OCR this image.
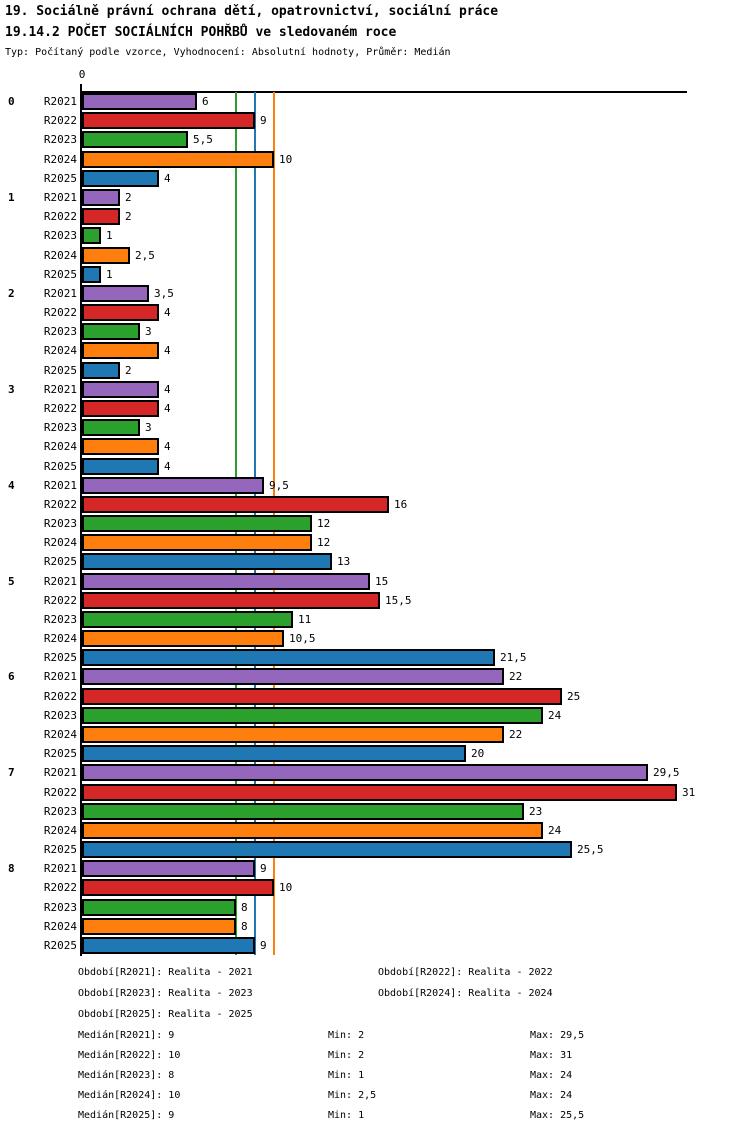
19. Sociálně právní ochrana dětí, opatrovnictví, sociální práce
19.14.2 POČET SOCIÁLNÍCH POHŘBŮ ve sledovaném roce
Typ: Počítaný podle vzorce, Vyhodnocení: Absolutní hodnoty, Průměr: Medián
0
0	R2021	6
R2022	9
R2023	5,5
R2024	10
R2025	4
1	R2021	2
R2022	2
R2023	1
R2024	2,5
R2025	1
2	R2021	3,5
R2022	4
R2023	3
R2024	4
R2025	2
3	R2021	4
R2022	4
R2023	3
R2024	4
R2025	4
4	R2021	9,5
R2022	16
R2023	12
R2024	12
R2025	13
5	R2021	15
R2022	15,5
R2023	11
R2024	10,5
R2025	21,5
6	R2021	22
R2022	25
R2023	24
R2024	22
R2025	20
7	R2021	29,5
R2022	31
R2023	23
R2024	24
R2025	25,5
8	R2021	9
R2022	10
R2023	8
R2024	8
R2025	9
Období[R2021]: Realita - 2021	Období[R2022]: Realita - 2022
Období[R2023]: Realita - 2023	Období[R2024]: Realita - 2024
Období[R2025]: Realita - 2025
Medián[R2021]: 9	Min: 2	Max: 29,5
Medián[R2022]: 10	Min: 2	Max: 31
Medián[R2023]: 8	Min: 1	Max: 24
Medián[R2024]: 10	Min: 2,5	Max: 24
Medián[R2025]: 9	Min: 1	Max: 25,5
